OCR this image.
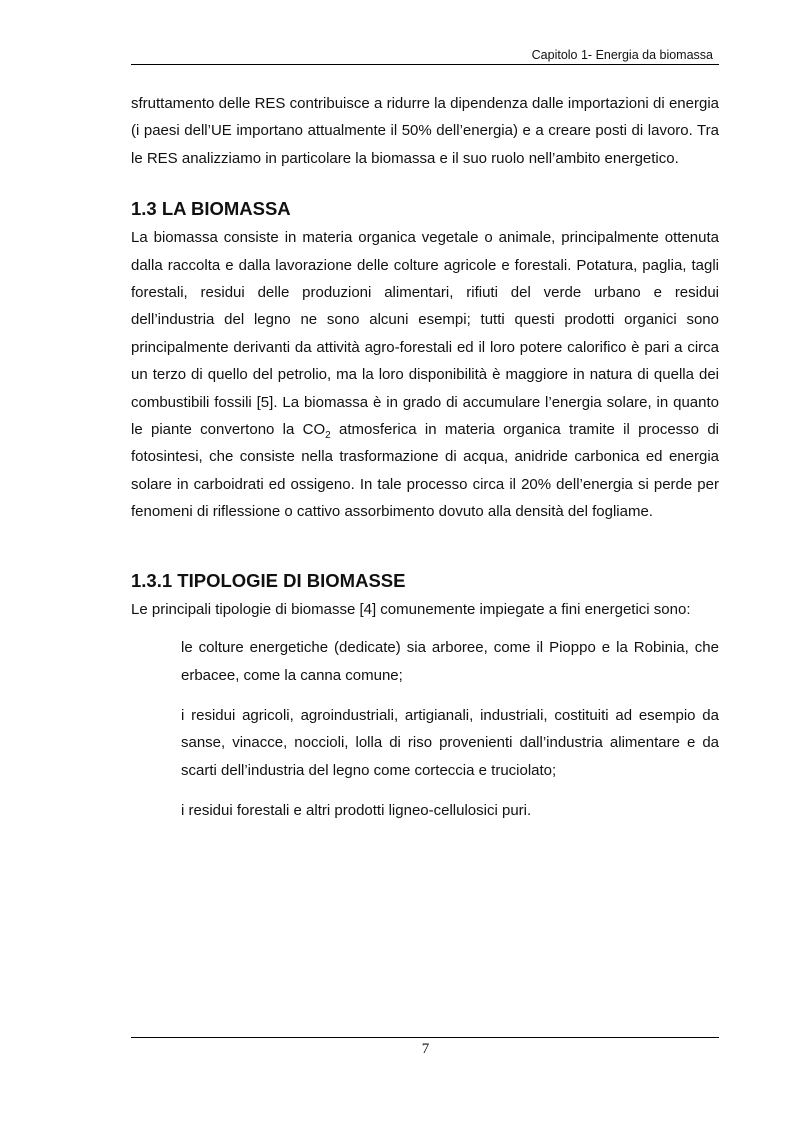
Capitolo 1- Energia da biomassa

sfruttamento delle RES contribuisce a ridurre la dipendenza dalle importazioni di energia (i paesi dell’UE importano attualmente il 50% dell’energia) e a creare posti di lavoro. Tra le RES analizziamo in particolare la biomassa e il suo ruolo nell’ambito energetico.

1.3 LA BIOMASSA

La biomassa consiste in materia organica vegetale o animale, principalmente ottenuta dalla raccolta e dalla lavorazione delle colture agricole e forestali. Potatura, paglia, tagli forestali, residui delle produzioni alimentari, rifiuti del verde urbano e residui dell’industria del legno ne sono alcuni esempi; tutti questi prodotti organici sono principalmente derivanti da attività agro-forestali ed il loro potere calorifico è pari a circa un terzo di quello del petrolio, ma la loro disponibilità è maggiore in natura di quella dei combustibili fossili [5]. La biomassa è in grado di accumulare l’energia solare, in quanto le piante convertono la $CO_2$ atmosferica in materia organica tramite il processo di fotosintesi, che consiste nella trasformazione di acqua, anidride carbonica ed energia solare in carboidrati ed ossigeno. In tale processo circa il 20% dell’energia si perde per fenomeni di riflessione o cattivo assorbimento dovuto alla densità del fogliame.

1.3.1 TIPOLOGIE DI BIOMASSE

Le principali tipologie di biomasse [4] comunemente impiegate a fini energetici sono:

le colture energetiche (dedicate) sia arboree, come il Pioppo e la Robinia, che erbacee, come la canna comune;
i residui agricoli, agroindustriali, artigianali, industriali, costituiti ad esempio da sanse, vinacce, noccioli, lolla di riso provenienti dall’industria alimentare e da scarti dell’industria del legno come corteccia e truciolato;
i residui forestali e altri prodotti ligneo-cellulosici puri.
7
